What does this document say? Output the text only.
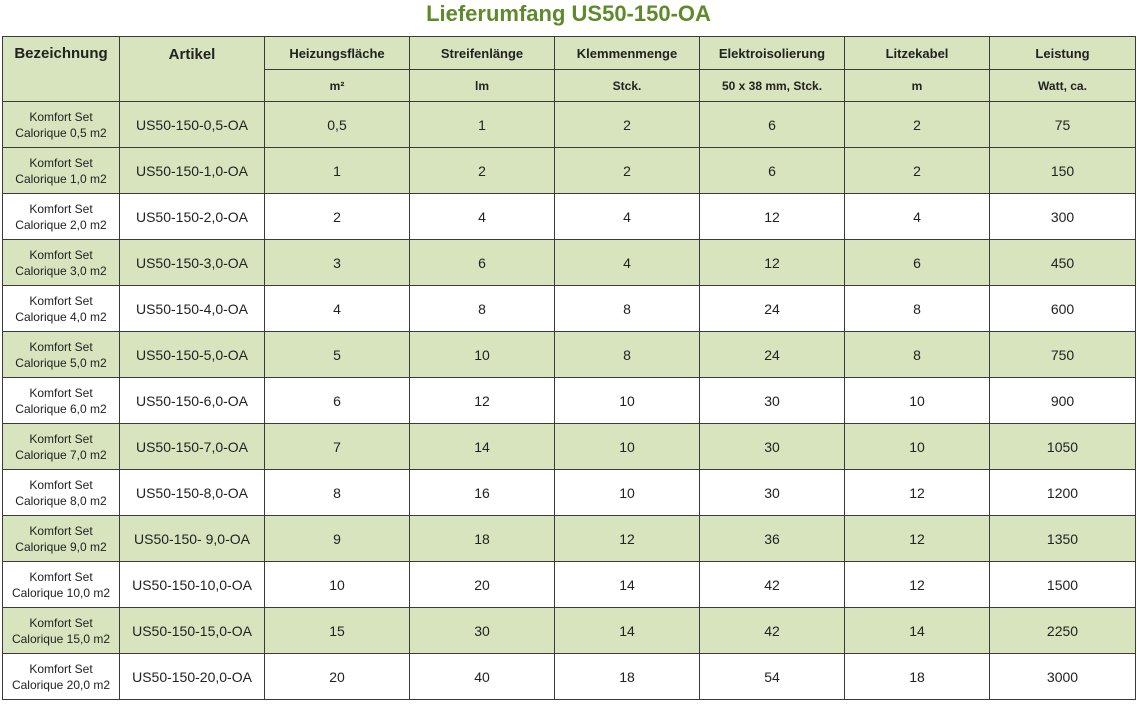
Lieferumfang US50-150-OA
Bezeichnung	Artikel	Heizungsfläche	Streifenlänge	Klemmenmenge	Elektroisolierung	Litzekabel	Leistung
		m²	lm	Stck.	50 x 38 mm, Stck.	m	Watt, ca.

Komfort Set
Calorique 0,5 m2	US50-150-0,5-OA	0,5	1	2	6	2	75

Komfort Set
Calorique 1,0 m2	US50-150-1,0-OA	1	2	2	6	2	150

Komfort Set
Calorique 2,0 m2	US50-150-2,0-OA	2	4	4	12	4	300

Komfort Set
Calorique 3,0 m2	US50-150-3,0-OA	3	6	4	12	6	450

Komfort Set
Calorique 4,0 m2	US50-150-4,0-OA	4	8	8	24	8	600

Komfort Set
Calorique 5,0 m2	US50-150-5,0-OA	5	10	8	24	8	750

Komfort Set
Calorique 6,0 m2	US50-150-6,0-OA	6	12	10	30	10	900

Komfort Set
Calorique 7,0 m2	US50-150-7,0-OA	7	14	10	30	10	1050

Komfort Set
Calorique 8,0 m2	US50-150-8,0-OA	8	16	10	30	12	1200

Komfort Set
Calorique 9,0 m2	US50-150- 9,0-OA	9	18	12	36	12	1350

Komfort Set
Calorique 10,0 m2	US50-150-10,0-OA	10	20	14	42	12	1500

Komfort Set
Calorique 15,0 m2	US50-150-15,0-OA	15	30	14	42	14	2250

Komfort Set
Calorique 20,0 m2	US50-150-20,0-OA	20	40	18	54	18	3000
